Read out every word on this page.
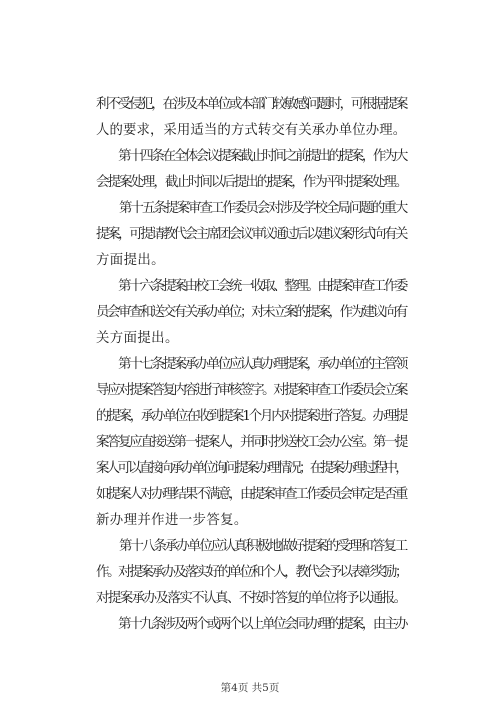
利不受侵犯，在涉及本单位或本部门较敏感问题时，可根据提案
人的要求，采用适当的方式转交有关承办单位办理。
　　第十四条在全体会议提案截止时间之前提出的提案，作为大
会提案处理，截止时间以后提出的提案，作为平时提案处理。
　　第十五条提案审查工作委员会对涉及学校全局问题的重大
提案，可提请教代会主席团会议审议通过后以建议案形式向有关
方面提出。
　　第十六条提案由校工会统一收取、整理。由提案审查工作委
员会审查和送交有关承办单位；对未立案的提案，作为建议向有
关方面提出。
　　第十七条提案承办单位应认真办理提案，承办单位的主管领
导应对提案答复内容进行审核签字。对提案审查工作委员会立案
的提案，承办单位在收到提案1个月内对提案进行答复。办理提
案答复应直接送第一提案人，并同时抄送校工会办公室。第一提
案人可以直接向承办单位询问提案办理情况；在提案办理过程中，
如提案人对办理结果不满意，由提案审查工作委员会审定是否重
新办理并作进一步答复。
　　第十八条承办单位应认真积极地做好提案的受理和答复工
作。对提案承办及落实好的单位和个人，教代会予以表彰奖励；
对提案承办及落实不认真、不按时答复的单位将予以通报。
　　第十九条涉及两个或两个以上单位会同办理的提案，由主办
第4页 共5页
